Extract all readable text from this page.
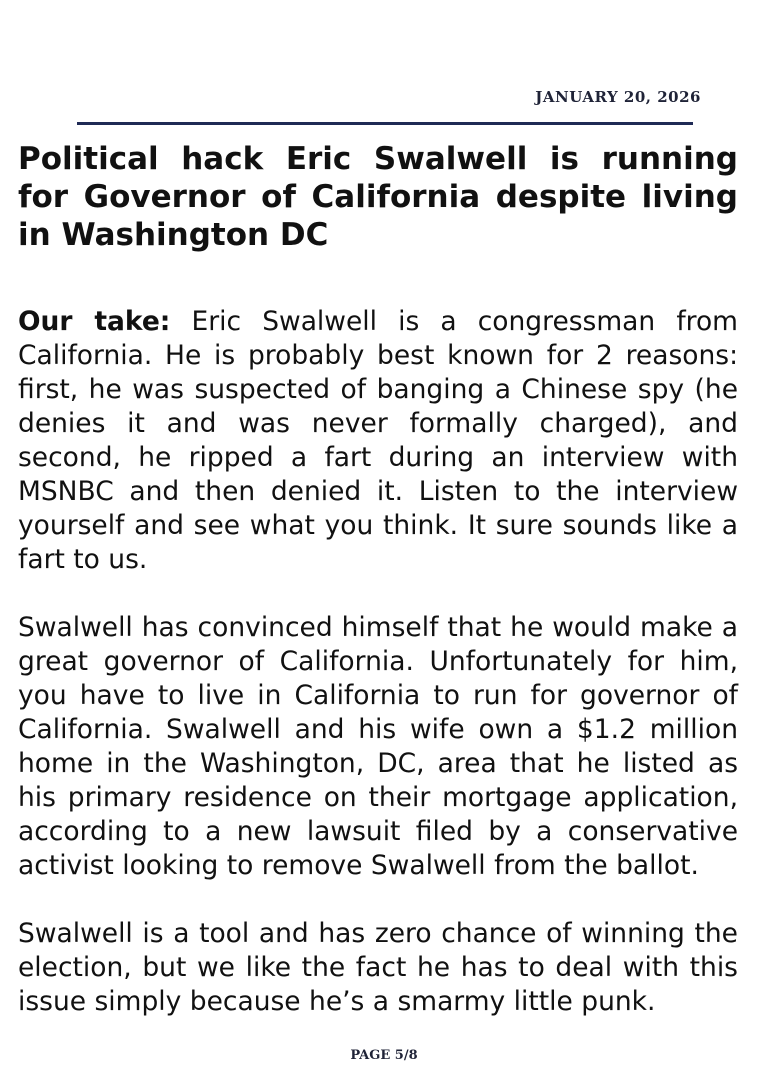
JANUARY 20, 2026
Political hack Eric Swalwell is running for Governor of California despite living in Washington DC

Our take: Eric Swalwell is a congressman from California. He is probably best known for 2 reasons: first, he was suspected of banging a Chinese spy (he denies it and was never formally charged), and second, he ripped a fart during an interview with MSNBC and then denied it. Listen to the interview yourself and see what you think. It sure sounds like a fart to us.

Swalwell has convinced himself that he would make a great governor of California. Unfortunately for him, you have to live in California to run for governor of California. Swalwell and his wife own a $1.2 million home in the Washington, DC, area that he listed as his primary residence on their mortgage application, according to a new lawsuit filed by a conservative activist looking to remove Swalwell from the ballot.

Swalwell is a tool and has zero chance of winning the election, but we like the fact he has to deal with this issue simply because he’s a smarmy little punk.

PAGE 5/8
